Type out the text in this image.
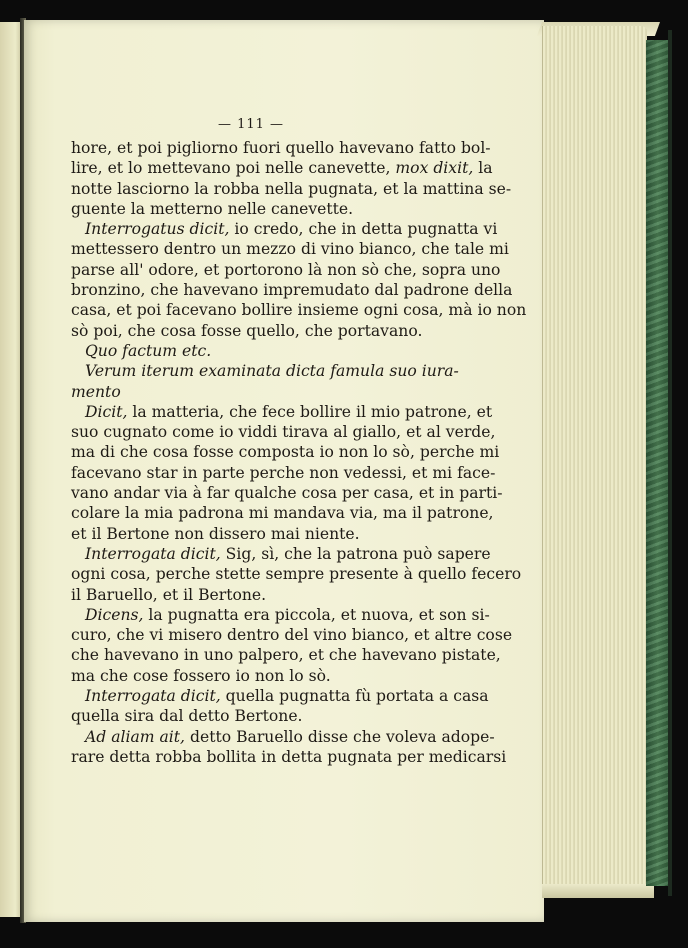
— 111 —
hore, et poi pigliorno fuori quello havevano fatto bol-
lire, et lo mettevano poi nelle canevette, mox dixit, la
notte lasciorno la robba nella pugnata, et la mattina se-
guente la metterno nelle canevette.
Interrogatus dicit, io credo, che in detta pugnatta vi
mettessero dentro un mezzo di vino bianco, che tale mi
parse all' odore, et portorono là non sò che, sopra uno
bronzino, che havevano impremudato dal padrone della
casa, et poi facevano bollire insieme ogni cosa, mà io non
sò poi, che cosa fosse quello, che portavano.
Quo factum etc.
Verum iterum examinata dicta famula suo iura-
mento
Dicit, la matteria, che fece bollire il mio patrone, et
suo cugnato come io viddi tirava al giallo, et al verde,
ma di che cosa fosse composta io non lo sò, perche mi
facevano star in parte perche non vedessi, et mi face-
vano andar via à far qualche cosa per casa, et in parti-
colare la mia padrona mi mandava via, ma il patrone,
et il Bertone non dissero mai niente.
Interrogata dicit, Sig, sì, che la patrona può sapere
ogni cosa, perche stette sempre presente à quello fecero
il Baruello, et il Bertone.
Dicens, la pugnatta era piccola, et nuova, et son si-
curo, che vi misero dentro del vino bianco, et altre cose
che havevano in uno palpero, et che havevano pistate,
ma che cose fossero io non lo sò.
Interrogata dicit, quella pugnatta fù portata a casa
quella sira dal detto Bertone.
Ad aliam ait, detto Baruello disse che voleva adope-
rare detta robba bollita in detta pugnata per medicarsi
